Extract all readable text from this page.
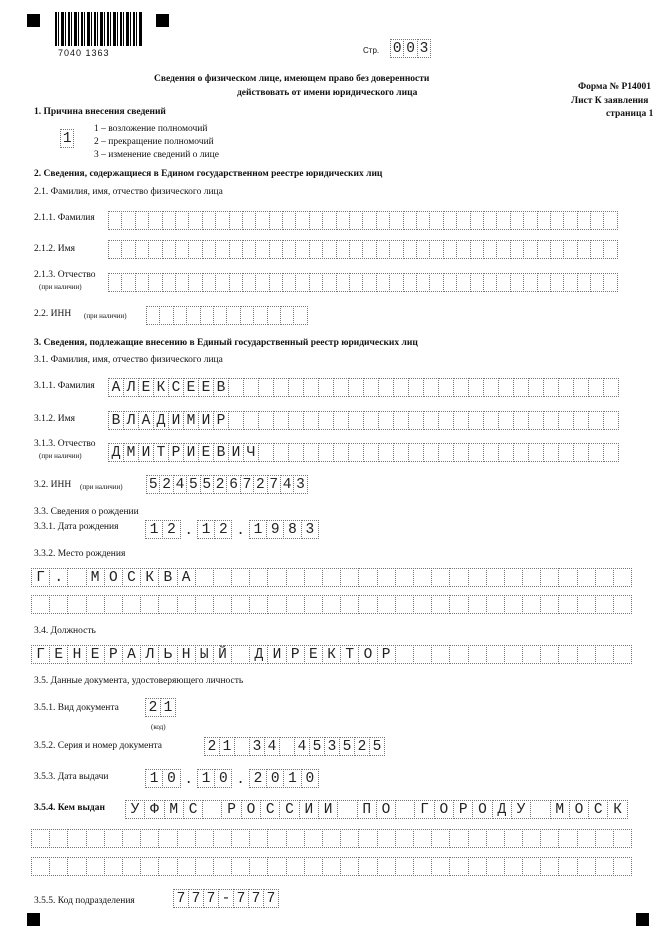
7040 1363	Стр. 0 0 3
Сведения о физическом лице, имеющем право без доверенности
действовать от имени юридического лица
Форма № Р14001
Лист К заявления
страница 1
1. Причина внесения сведений
1
1 – возложение полномочий
2 – прекращение полномочий
3 – изменение сведений о лице
2. Сведения, содержащиеся в Едином государственном реестре юридических лиц
2.1. Фамилия, имя, отчество физического лица
2.1.1. Фамилия
2.1.2. Имя
2.1.3. Отчество
(при наличии)
2.2. ИНН (при наличии)
3. Сведения, подлежащие внесению в Единый государственный реестр юридических лиц
3.1. Фамилия, имя, отчество физического лица
3.1.1. Фамилия А Л Е К С Е Е В
3.1.2. Имя	В Л А Д И М И Р
3.1.3. Отчество
(при наличии) Д М И Т Р И Е В И Ч
3.2. ИНН (при наличии) 5 2 4 5 5 2 6 7 2 7 4 3
3.3. Сведения о рождении
3.3.1. Дата рождения	1 2 . 1 2 . 1 9 8 3
3.3.2. Место рождения
Г .	М О С К В А
3.4. Должность
Г Е Н Е Р А Л Ь Н Ы Й	Д И Р Е К Т О Р
3.5. Данные документа, удостоверяющего личность
3.5.1. Вид документа 2 1
(код)
3.5.2. Серия и номер документа	2 1 3 4 4 5 3 5 2 5
3.5.3. Дата выдачи	1 0 . 1 0 . 2 0 1 0
3.5.4. Кем выдан	У Ф М С	Р О С С И И	П О	Г О Р О Д У	М О С К
3.5.5. Код подразделения	7 7 7 - 7 7 7
